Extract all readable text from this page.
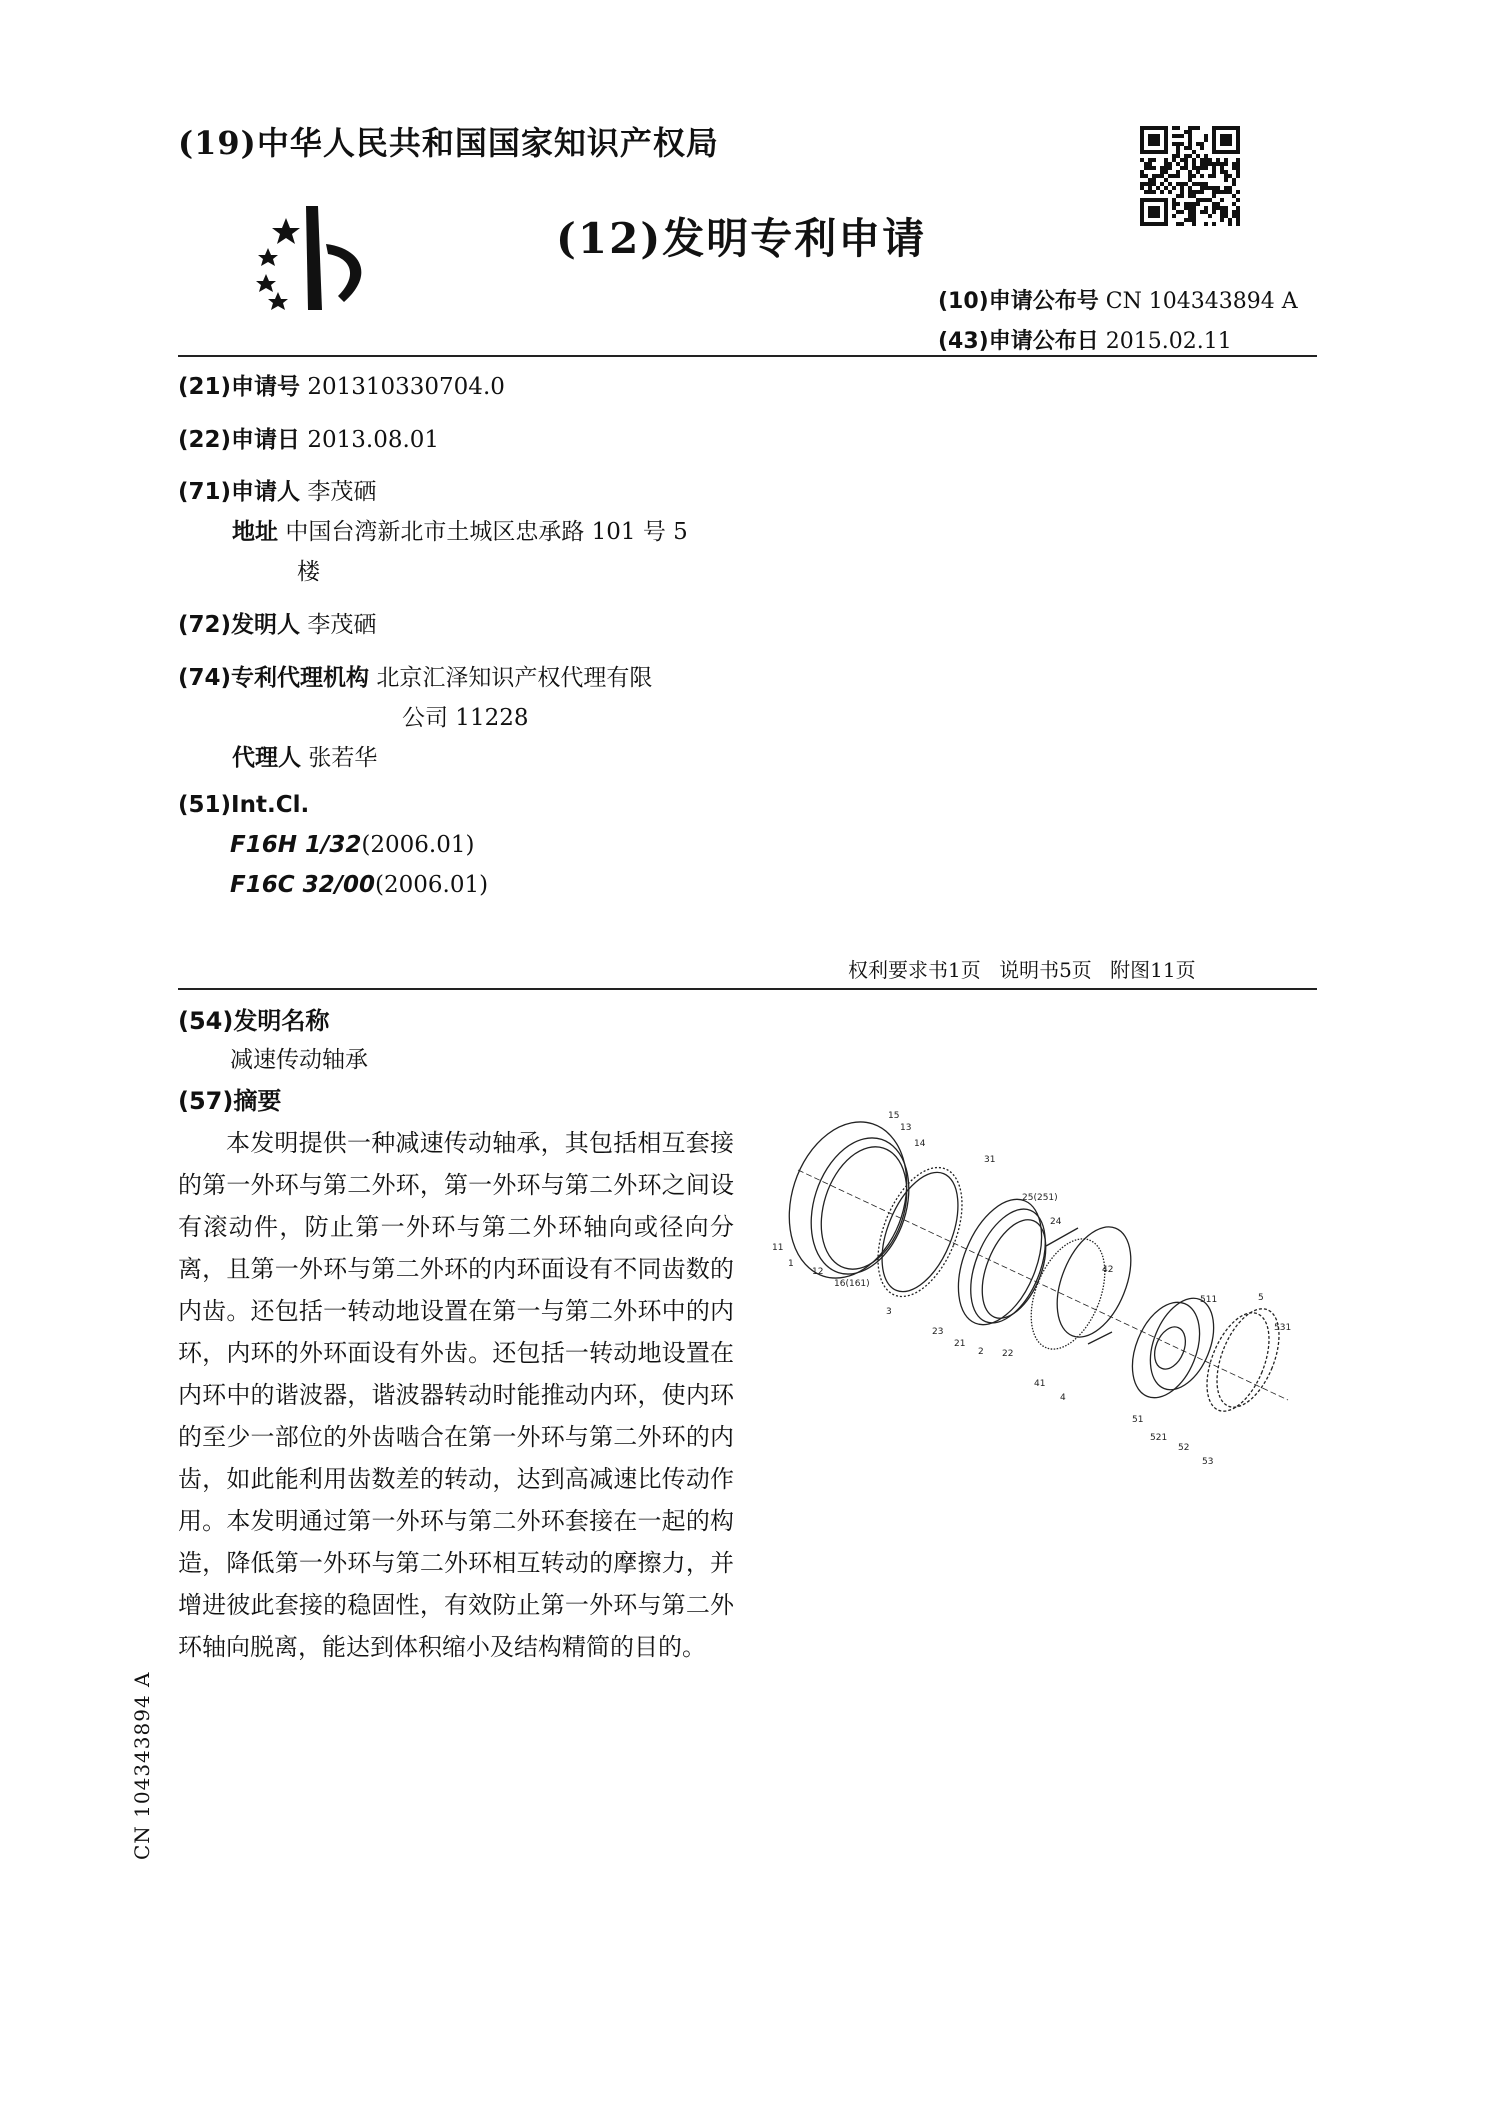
(19)中华人民共和国国家知识产权局
(12)发明专利申请
(10)申请公布号 CN 104343894 A
(43)申请公布日 2015.02.11
(21)申请号 201310330704.0
(22)申请日 2013.08.01
(71)申请人 李茂硒
地址 中国台湾新北市土城区忠承路 101 号 5
楼
(72)发明人 李茂硒
(74)专利代理机构 北京汇泽知识产权代理有限
公司 11228
代理人 张若华
(51)Int.Cl.
F16H 1/32(2006.01)
F16C 32/00(2006.01)
权利要求书1页 说明书5页 附图11页
(54)发明名称
减速传动轴承
(57)摘要
本发明提供一种减速传动轴承，其包括相互套接的第一外环与第二外环，第一外环与第二外环之间设有滚动件，防止第一外环与第二外环轴向或径向分离，且第一外环与第二外环的内环面设有不同齿数的内齿。还包括一转动地设置在第一与第二外环中的内环，内环的外环面设有外齿。还包括一转动地设置在内环中的谐波器，谐波器转动时能推动内环，使内环的至少一部位的外齿啮合在第一外环与第二外环的内齿，如此能利用齿数差的转动，达到高减速比传动作用。本发明通过第一外环与第二外环套接在一起的构造，降低第一外环与第二外环相互转动的摩擦力，并增进彼此套接的稳固性，有效防止第一外环与第二外环轴向脱离，能达到体积缩小及结构精简的目的。
15
13
14
31
25(251)
24
11
1
12
16(161)
3
23
21
2 22
42
41
4
511	5
531
51
521
52
53
CN 104343894 A
